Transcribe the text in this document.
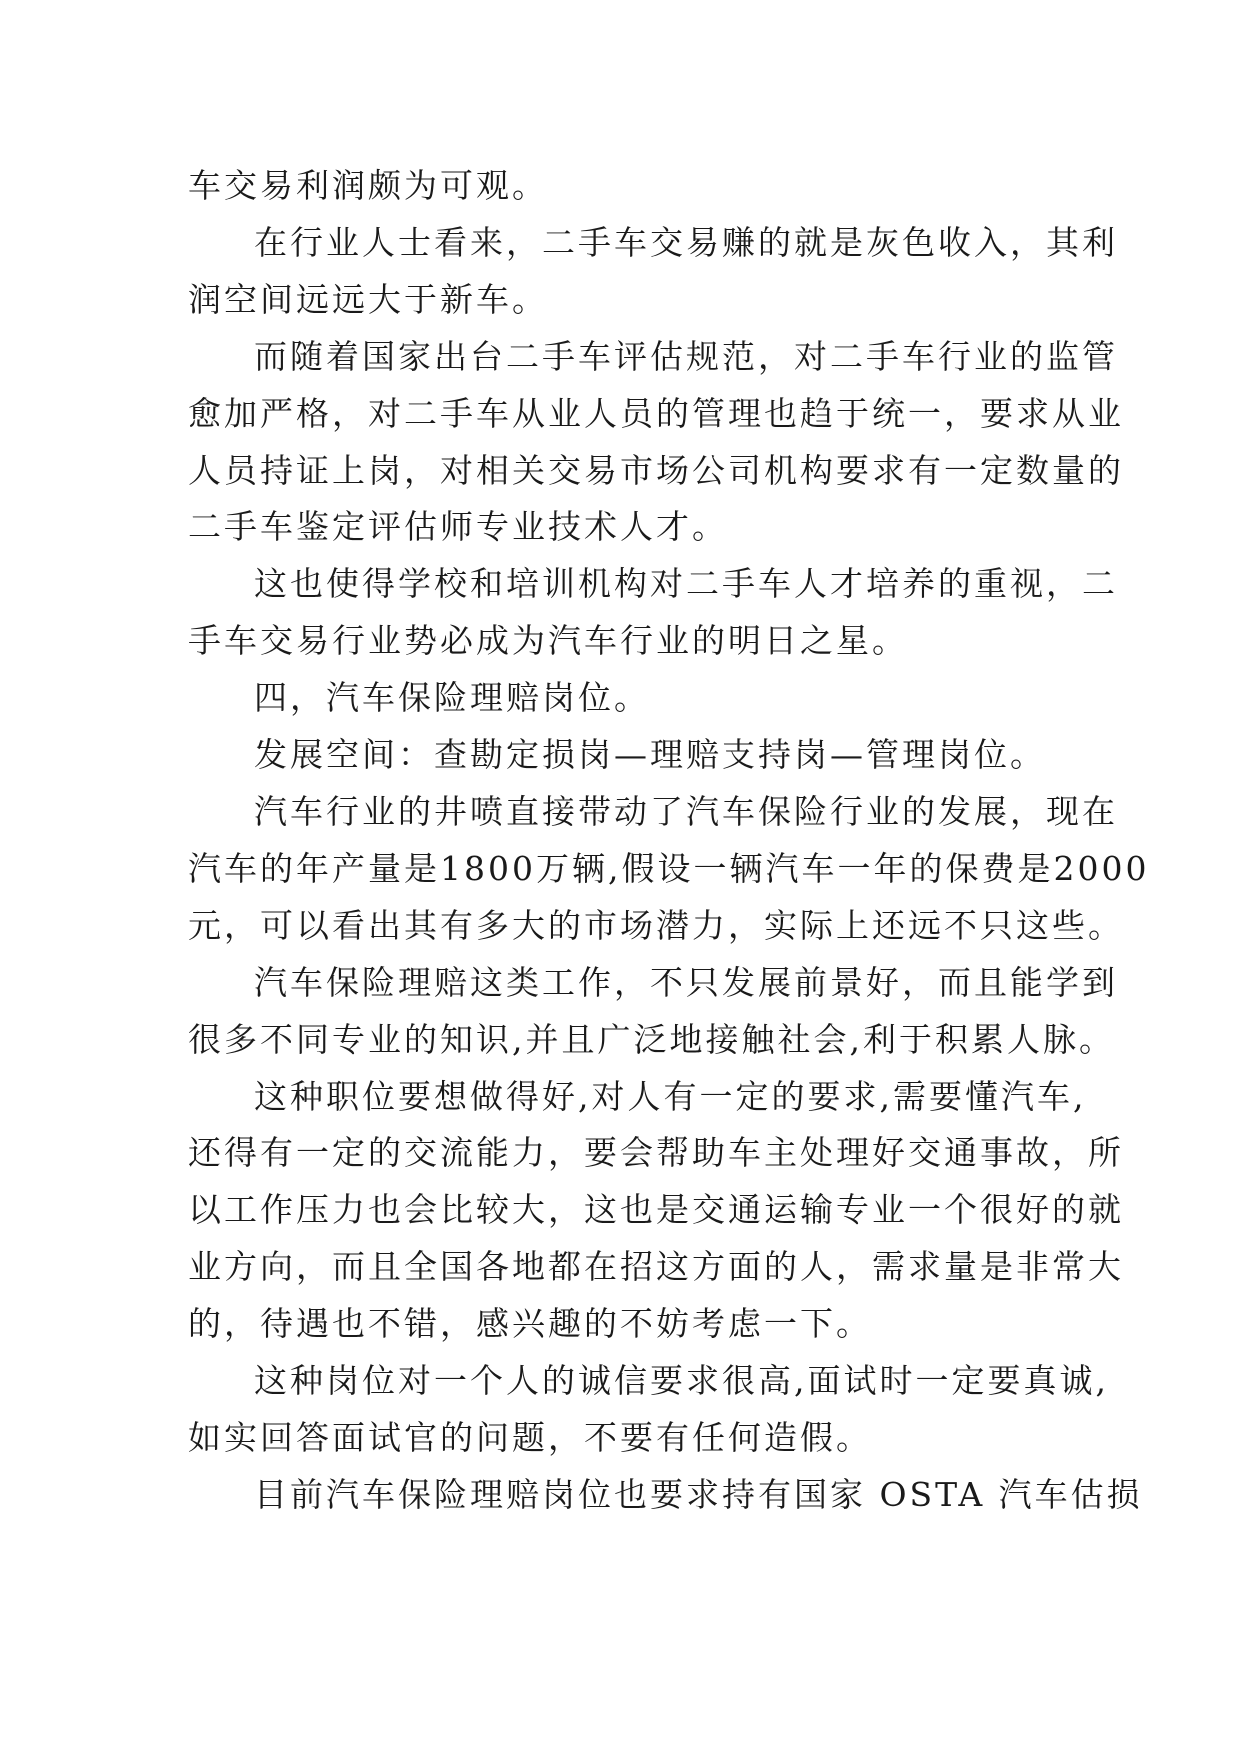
车交易利润颇为可观。

在行业人士看来，二手车交易赚的就是灰色收入，其利
润空间远远大于新车。

而随着国家出台二手车评估规范，对二手车行业的监管
愈加严格，对二手车从业人员的管理也趋于统一，要求从业
人员持证上岗，对相关交易市场公司机构要求有一定数量的
二手车鉴定评估师专业技术人才。

这也使得学校和培训机构对二手车人才培养的重视，二
手车交易行业势必成为汽车行业的明日之星。

四，汽车保险理赔岗位。

发展空间：查勘定损岗—理赔支持岗—管理岗位。

汽车行业的井喷直接带动了汽车保险行业的发展，现在
汽车的年产量是1800万辆,假设一辆汽车一年的保费是2000
元，可以看出其有多大的市场潜力，实际上还远不只这些。

汽车保险理赔这类工作，不只发展前景好，而且能学到
很多不同专业的知识,并且广泛地接触社会,利于积累人脉。

这种职位要想做得好,对人有一定的要求,需要懂汽车,
还得有一定的交流能力，要会帮助车主处理好交通事故，所
以工作压力也会比较大，这也是交通运输专业一个很好的就
业方向，而且全国各地都在招这方面的人，需求量是非常大
的，待遇也不错，感兴趣的不妨考虑一下。

这种岗位对一个人的诚信要求很高,面试时一定要真诚,
如实回答面试官的问题，不要有任何造假。

目前汽车保险理赔岗位也要求持有国家 OSTA 汽车估损
